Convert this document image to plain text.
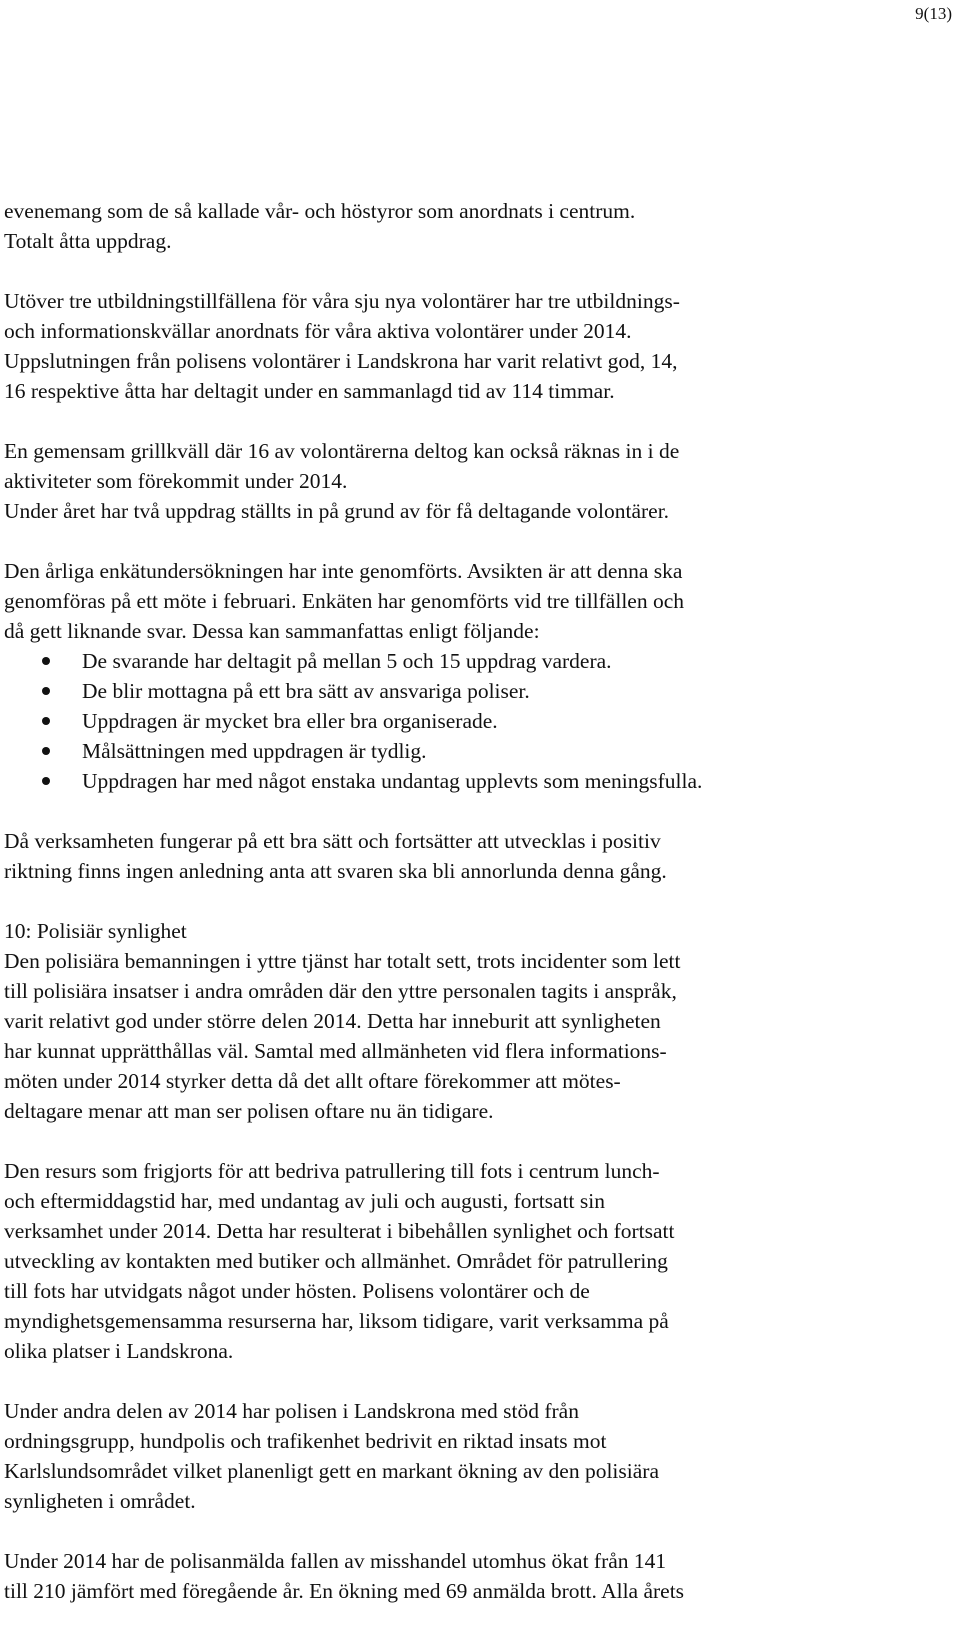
9(13)

evenemang som de så kallade vår- och höstyror som anordnats i centrum.
Totalt åtta uppdrag.

Utöver tre utbildningstillfällena för våra sju nya volontärer har tre utbildnings-
och informationskvällar anordnats för våra aktiva volontärer under 2014.
Uppslutningen från polisens volontärer i Landskrona har varit relativt god, 14,
16 respektive åtta har deltagit under en sammanlagd tid av 114 timmar.

En gemensam grillkväll där 16 av volontärerna deltog kan också räknas in i de
aktiviteter som förekommit under 2014.
Under året har två uppdrag ställts in på grund av för få deltagande volontärer.

Den årliga enkätundersökningen har inte genomförts. Avsikten är att denna ska
genomföras på ett möte i februari. Enkäten har genomförts vid tre tillfällen och
då gett liknande svar. Dessa kan sammanfattas enligt följande:

De svarande har deltagit på mellan 5 och 15 uppdrag vardera.
De blir mottagna på ett bra sätt av ansvariga poliser.
Uppdragen är mycket bra eller bra organiserade.
Målsättningen med uppdragen är tydlig.
Uppdragen har med något enstaka undantag upplevts som meningsfulla.

Då verksamheten fungerar på ett bra sätt och fortsätter att utvecklas i positiv
riktning finns ingen anledning anta att svaren ska bli annorlunda denna gång.

10: Polisiär synlighet

Den polisiära bemanningen i yttre tjänst har totalt sett, trots incidenter som lett
till polisiära insatser i andra områden där den yttre personalen tagits i anspråk,
varit relativt god under större delen 2014. Detta har inneburit att synligheten
har kunnat upprätthållas väl. Samtal med allmänheten vid flera informations-
möten under 2014 styrker detta då det allt oftare förekommer att mötes-
deltagare menar att man ser polisen oftare nu än tidigare.

Den resurs som frigjorts för att bedriva patrullering till fots i centrum lunch-
och eftermiddagstid har, med undantag av juli och augusti, fortsatt sin
verksamhet under 2014. Detta har resulterat i bibehållen synlighet och fortsatt
utveckling av kontakten med butiker och allmänhet. Området för patrullering
till fots har utvidgats något under hösten. Polisens volontärer och de
myndighetsgemensamma resurserna har, liksom tidigare, varit verksamma på
olika platser i Landskrona.

Under andra delen av 2014 har polisen i Landskrona med stöd från
ordningsgrupp, hundpolis och trafikenhet bedrivit en riktad insats mot
Karlslundsområdet vilket planenligt gett en markant ökning av den polisiära
synligheten i området.

Under 2014 har de polisanmälda fallen av misshandel utomhus ökat från 141
till 210 jämfört med föregående år. En ökning med 69 anmälda brott. Alla årets
